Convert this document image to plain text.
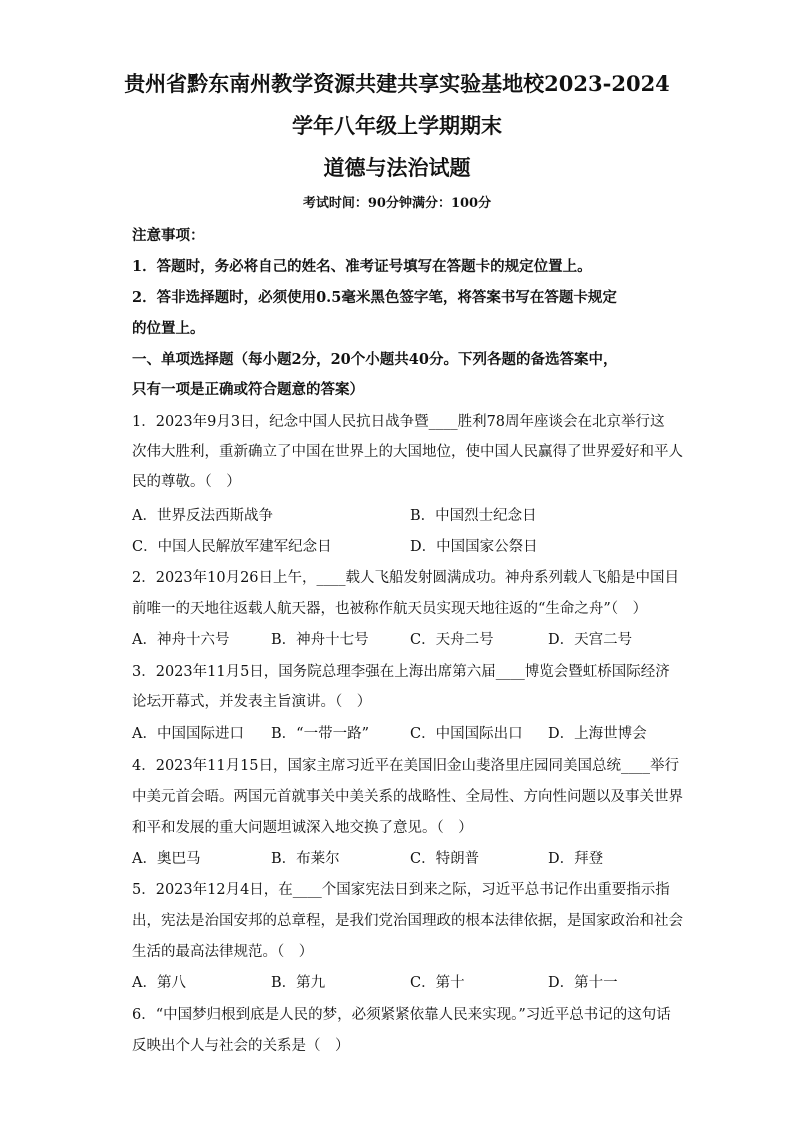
贵州省黔东南州教学资源共建共享实验基地校2023-2024
学年八年级上学期期末
道德与法治试题
考试时间：90分钟满分：100分
注意事项：
1．答题时，务必将自己的姓名、准考证号填写在答题卡的规定位置上。
2．答非选择题时，必须使用0.5毫米黑色签字笔，将答案书写在答题卡规定
的位置上。
一、单项选择题（每小题2分，20个小题共40分。下列各题的备选答案中，
只有一项是正确或符合题意的答案）
1．2023年9月3日，纪念中国人民抗日战争暨____胜利78周年座谈会在北京举行这
次伟大胜利，重新确立了中国在世界上的大国地位，使中国人民赢得了世界爱好和平人
民的尊敬。（　）
A．世界反法西斯战争	B．中国烈士纪念日
C．中国人民解放军建军纪念日	D．中国国家公祭日
2．2023年10月26日上午，____载人飞船发射圆满成功。神舟系列载人飞船是中国目
前唯一的天地往返载人航天器，也被称作航天员实现天地往返的“生命之舟”（　）
A．神舟十六号	B．神舟十七号	C．天舟二号	D．天宫二号
3．2023年11月5日，国务院总理李强在上海出席第六届____博览会暨虹桥国际经济
论坛开幕式，并发表主旨演讲。（　）
A．中国国际进口 B．“一带一路”	C．中国国际出口 D．上海世博会
4．2023年11月15日，国家主席习近平在美国旧金山斐洛里庄园同美国总统____举行
中美元首会晤。两国元首就事关中美关系的战略性、全局性、方向性问题以及事关世界
和平和发展的重大问题坦诚深入地交换了意见。（　）
A．奥巴马	B．布莱尔	C．特朗普	D．拜登
5．2023年12月4日，在____个国家宪法日到来之际，习近平总书记作出重要指示指
出，宪法是治国安邦的总章程，是我们党治国理政的根本法律依据，是国家政治和社会
生活的最高法律规范。（　）
A．第八	B．第九	C．第十	D．第十一
6．“中国梦归根到底是人民的梦，必须紧紧依靠人民来实现。”习近平总书记的这句话
反映出个人与社会的关系是（　）
